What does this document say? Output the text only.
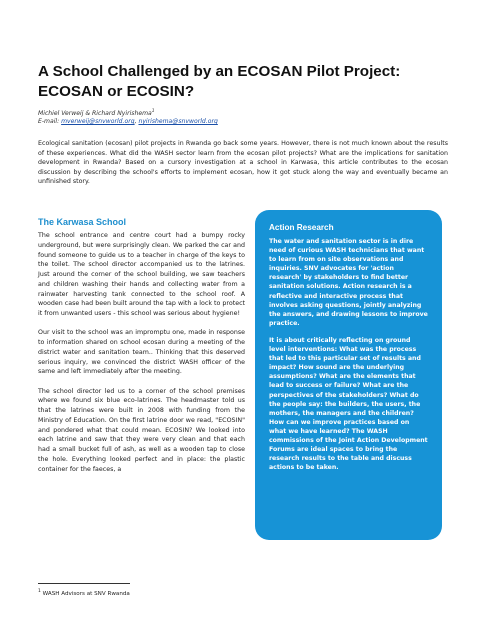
A School Challenged by an ECOSAN Pilot Project:
ECOSAN or ECOSIN?
Michiel Verweij & Richard Nyirishema$^1$
E-mail: mverweij@snvworld.org, nyirishema@snvworld.org
Ecological sanitation (ecosan) pilot projects in Rwanda go back some years. However, there is not much known about the results of these experiences. What did the WASH sector learn from the ecosan pilot projects? What are the implications for sanitation development in Rwanda? Based on a cursory investigation at a school in Karwasa, this article contributes to the ecosan discussion by describing the school's efforts to implement ecosan, how it got stuck along the way and eventually became an unfinished story.
The Karwasa School

The school entrance and centre court had a bumpy rocky underground, but were surprisingly clean. We parked the car and found someone to guide us to a teacher in charge of the keys to the toilet. The school director accompanied us to the latrines. Just around the corner of the school building, we saw teachers and children washing their hands and collecting water from a rainwater harvesting tank connected to the school roof. A wooden case had been built around the tap with a lock to protect it from unwanted users - this school was serious about hygiene!

Our visit to the school was an impromptu one, made in response to information shared on school ecosan during a meeting of the district water and sanitation team.. Thinking that this deserved serious inquiry, we convinced the district WASH officer of the same and left immediately after the meeting.

The school director led us to a corner of the school premises where we found six blue eco-latrines. The headmaster told us that the latrines were built in 2008 with funding from the Ministry of Education. On the first latrine door we read, "ECOSIN" and pondered what that could mean. ECOSIN? We looked into each latrine and saw that they were very clean and that each had a small bucket full of ash, as well as a wooden tap to close the hole. Everything looked perfect and in place: the plastic container for the faeces, a

Action Research

The water and sanitation sector is in dire need of curious WASH technicians that want to learn from on site observations and inquiries. SNV advocates for 'action research' by stakeholders to find better sanitation solutions. Action research is a reflective and interactive process that involves asking questions, jointly analyzing the answers, and drawing lessons to improve practice.

It is about critically reflecting on ground level interventions: What was the process that led to this particular set of results and impact? How sound are the underlying assumptions? What are the elements that lead to success or failure? What are the perspectives of the stakeholders? What do the people say: the builders, the users, the mothers, the managers and the children? How can we improve practices based on what we have learned? The WASH commissions of the Joint Action Development Forums are ideal spaces to bring the research results to the table and discuss actions to be taken.

$^1$ WASH Advisors at SNV Rwanda
